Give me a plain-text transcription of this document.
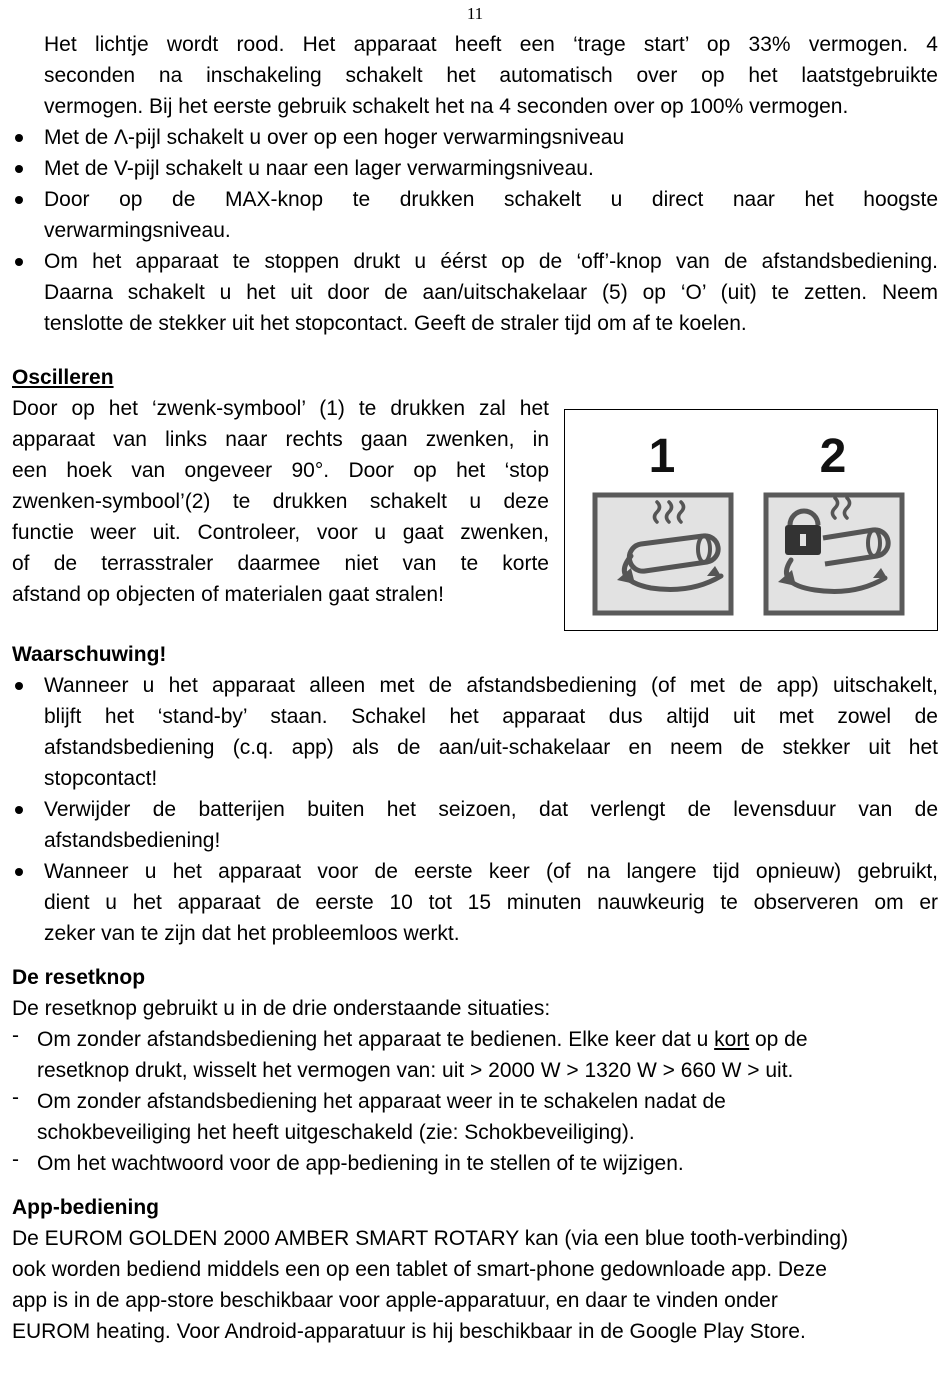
11
Het lichtje wordt rood. Het apparaat heeft een ‘trage start’ op 33% vermogen. 4
seconden na inschakeling schakelt het automatisch over op het laatstgebruikte
vermogen. Bij het eerste gebruik schakelt het na 4 seconden over op 100% vermogen.
Met de Λ-pijl schakelt u over op een hoger verwarmingsniveau
Met de V-pijl schakelt u naar een lager verwarmingsniveau.
Door op de MAX-knop te drukken schakelt u direct naar het hoogste
verwarmingsniveau.
Om het apparaat te stoppen drukt u éérst op de ‘off’-knop van de afstandsbediening.
Daarna schakelt u het uit door de aan/uitschakelaar (5) op ‘O’ (uit) te zetten. Neem
tenslotte de stekker uit het stopcontact. Geeft de straler tijd om af te koelen.
Oscilleren
Door op het ‘zwenk-symbool’ (1) te drukken zal het
apparaat van links naar rechts gaan zwenken, in
een hoek van ongeveer 90°. Door op het ‘stop
zwenken-symbool’(2) te drukken schakelt u deze
functie weer uit. Controleer, voor u gaat zwenken,
of de terrasstraler daarmee niet van te korte
afstand op objecten of materialen gaat stralen!
1	2
Waarschuwing!
Wanneer u het apparaat alleen met de afstandsbediening (of met de app) uitschakelt,
blijft het ‘stand-by’ staan. Schakel het apparaat dus altijd uit met zowel de
afstandsbediening (c.q. app) als de aan/uit-schakelaar en neem de stekker uit het
stopcontact!
Verwijder de batterijen buiten het seizoen, dat verlengt de levensduur van de
afstandsbediening!
Wanneer u het apparaat voor de eerste keer (of na langere tijd opnieuw) gebruikt,
dient u het apparaat de eerste 10 tot 15 minuten nauwkeurig te observeren om er
zeker van te zijn dat het probleemloos werkt.
De resetknop
De resetknop gebruikt u in de drie onderstaande situaties:
- Om zonder afstandsbediening het apparaat te bedienen. Elke keer dat u kort op de
resetknop drukt, wisselt het vermogen van: uit > 2000 W > 1320 W > 660 W > uit.
- Om zonder afstandsbediening het apparaat weer in te schakelen nadat de
schokbeveiliging het heeft uitgeschakeld (zie: Schokbeveiliging).
- Om het wachtwoord voor de app-bediening in te stellen of te wijzigen.
App-bediening
De EUROM GOLDEN 2000 AMBER SMART ROTARY kan (via een blue tooth-verbinding)
ook worden bediend middels een op een tablet of smart-phone gedownloade app. Deze
app is in de app-store beschikbaar voor apple-apparatuur, en daar te vinden onder
EUROM heating. Voor Android-apparatuur is hij beschikbaar in de Google Play Store.
